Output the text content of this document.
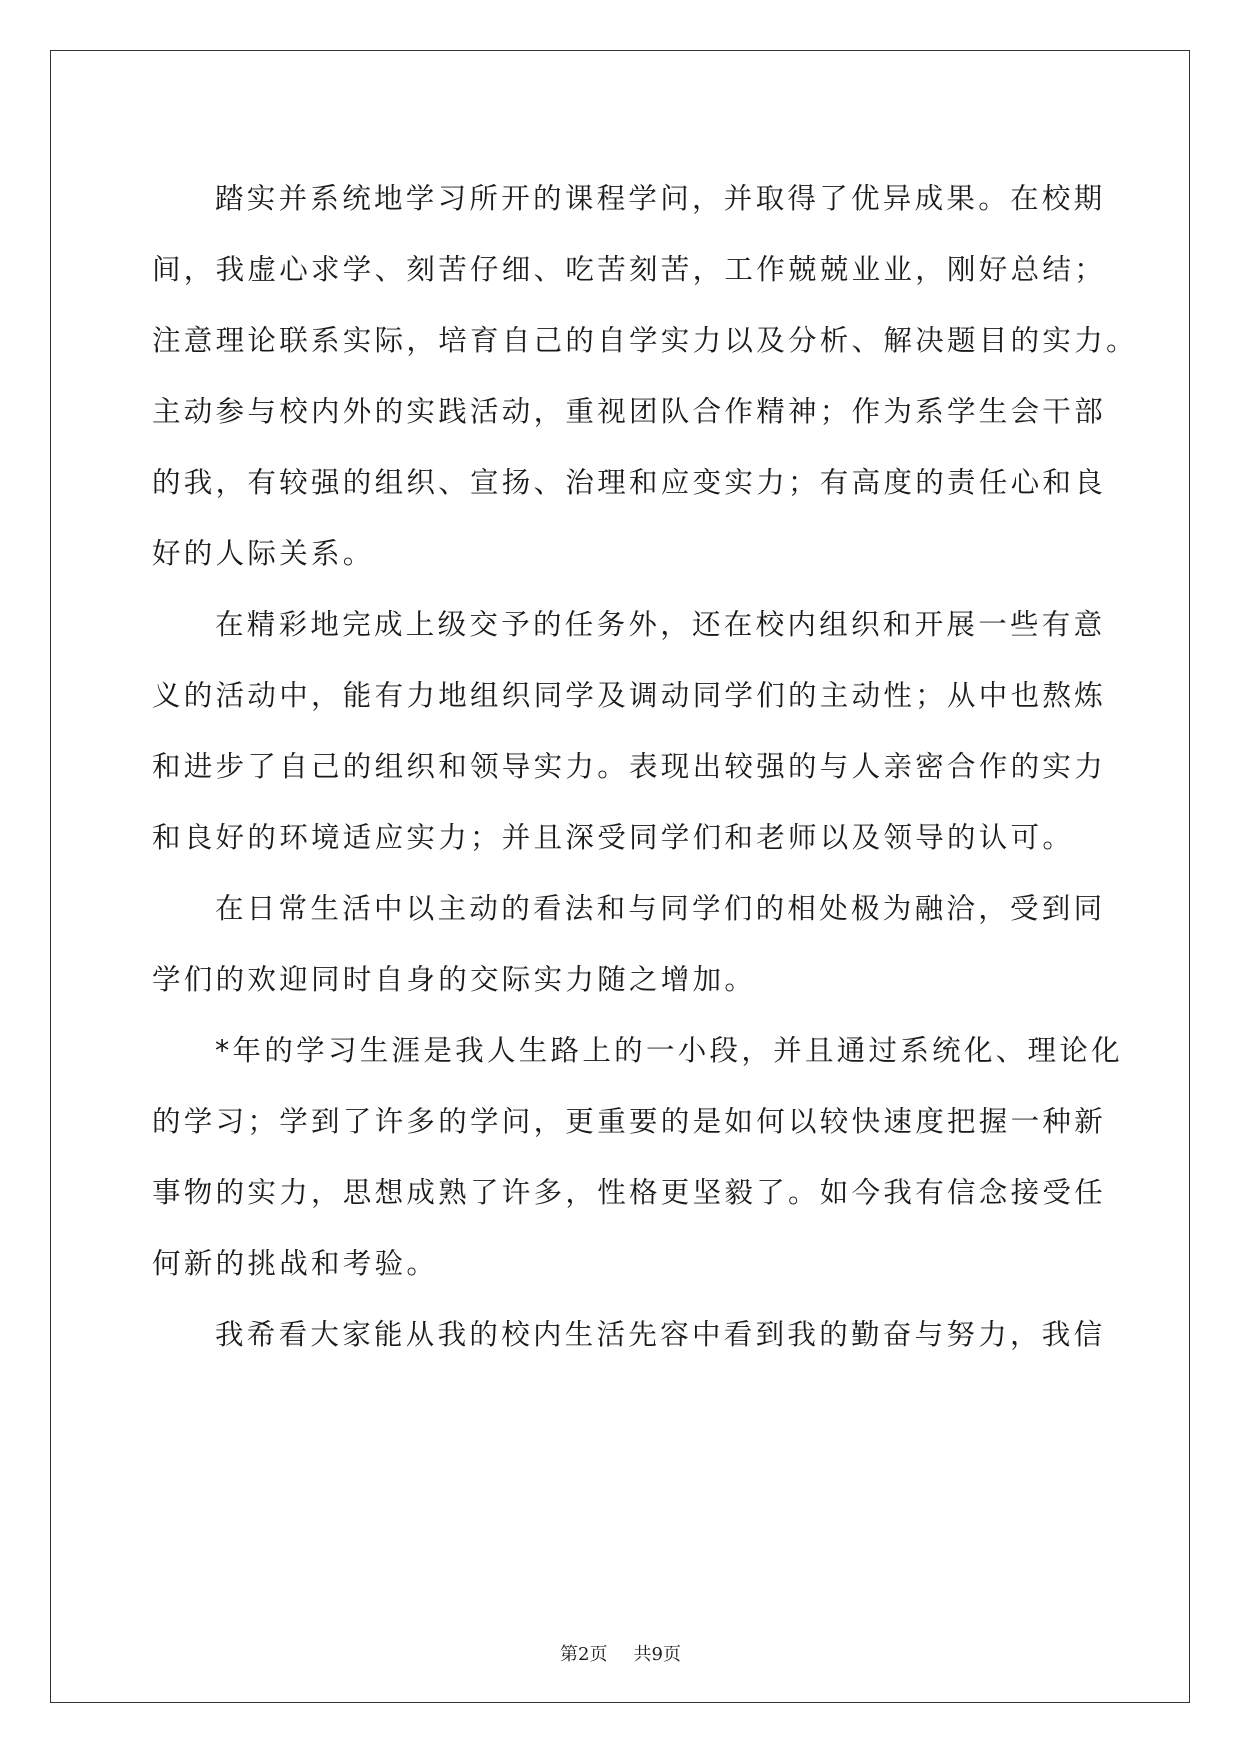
踏实并系统地学习所开的课程学问，并取得了优异成果。在校期
间，我虚心求学、刻苦仔细、吃苦刻苦，工作兢兢业业，刚好总结；
注意理论联系实际，培育自己的自学实力以及分析、解决题目的实力。
主动参与校内外的实践活动，重视团队合作精神；作为系学生会干部
的我，有较强的组织、宣扬、治理和应变实力；有高度的责任心和良
好的人际关系。
在精彩地完成上级交予的任务外，还在校内组织和开展一些有意
义的活动中，能有力地组织同学及调动同学们的主动性；从中也熬炼
和进步了自己的组织和领导实力。表现出较强的与人亲密合作的实力
和良好的环境适应实力；并且深受同学们和老师以及领导的认可。
在日常生活中以主动的看法和与同学们的相处极为融洽，受到同
学们的欢迎同时自身的交际实力随之增加。
*年的学习生涯是我人生路上的一小段，并且通过系统化、理论化
的学习；学到了许多的学问，更重要的是如何以较快速度把握一种新
事物的实力，思想成熟了许多，性格更坚毅了。如今我有信念接受任
何新的挑战和考验。
我希看大家能从我的校内生活先容中看到我的勤奋与努力，我信
第2页 共9页
